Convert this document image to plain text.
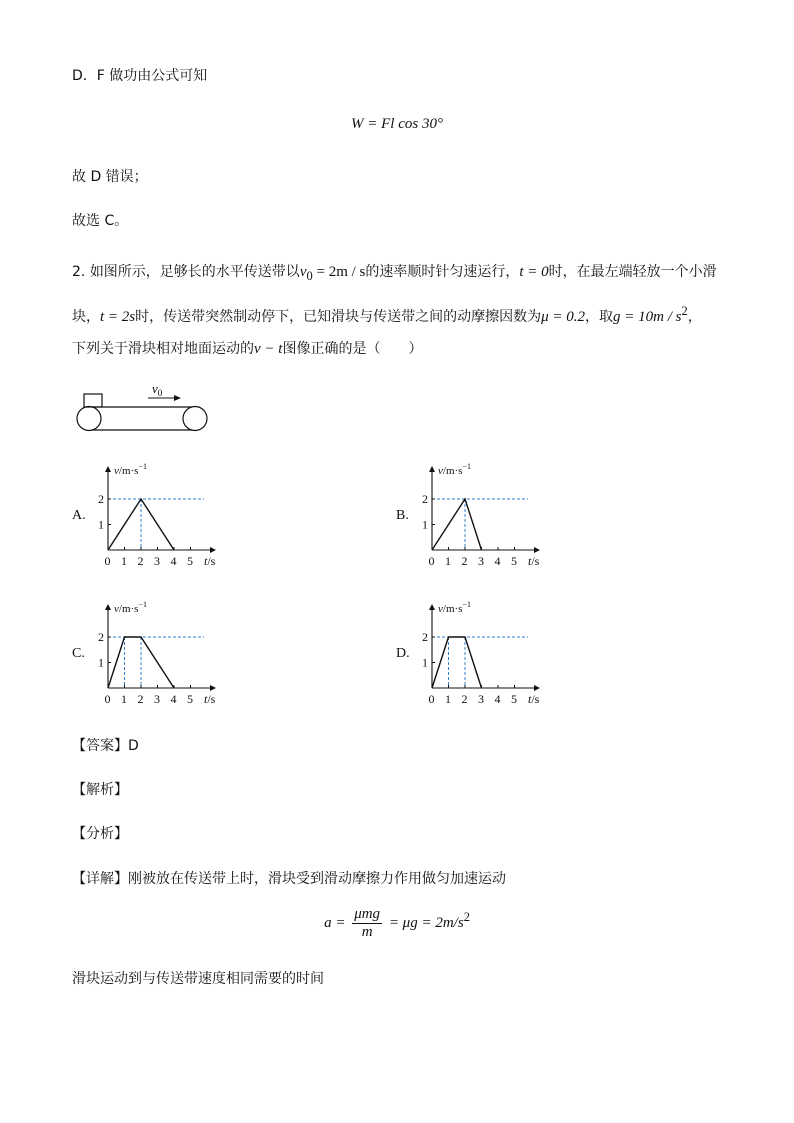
D．F 做功由公式可知
W = Fl cos 30°
故 D 错误；
故选 C。
2. 如图所示，足够长的水平传送带以$v_0 = 2m / s$的速率顺时针匀速运行，t = 0时，在最左端轻放一个小滑
块，t = 2s时，传送带突然制动停下，已知滑块与传送带之间的动摩擦因数为μ = 0.2，取$g = 10m / s^2$，
下列关于滑块相对地面运动的v − t图像正确的是（　　）
$v_0$
A.
$v/m\cdot s^{-1}$
1
2
0 1 2 3 4 5 t/s
B.
$v/m\cdot s^{-1}$
1
2
0 1 2 3 4 5 t/s
C.
$v/m\cdot s^{-1}$
1
2
0 1 2 3 4 5 t/s
D.
$v/m\cdot s^{-1}$
1
2
0 1 2 3 4 5 t/s
【答案】D
【解析】
【分析】
【详解】刚被放在传送带上时，滑块受到滑动摩擦力作用做匀加速运动
$a = \frac{\text{μmg}}{m} = \mu g = 2m/s^2$
滑块运动到与传送带速度相同需要的时间
